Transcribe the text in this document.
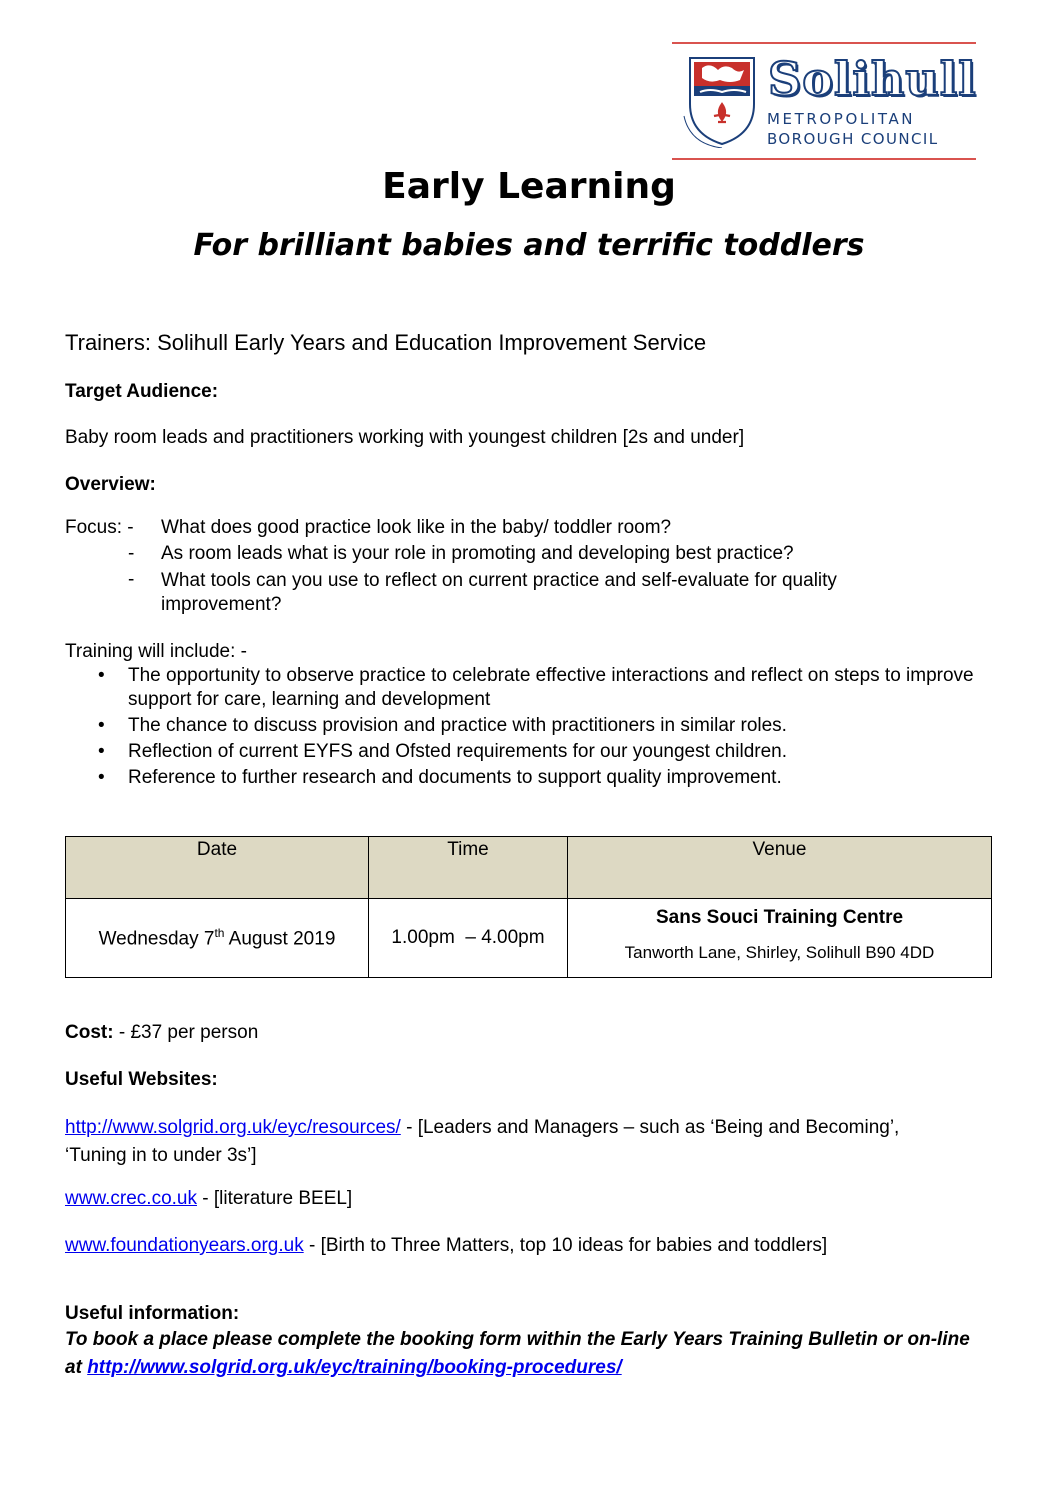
Solihull
METROPOLITAN
BOROUGH COUNCIL
Early Learning
For brilliant babies and terrific toddlers
Trainers: Solihull Early Years and Education Improvement Service
Target Audience:
Baby room leads and practitioners working with youngest children [2s and under]
Overview:
Focus: - What does good practice look like in the baby/ toddler room?
-	As room leads what is your role in promoting and developing best practice?
-	What tools can you use to reflect on current practice and self-evaluate for quality improvement?
Training will include: -
• The opportunity to observe practice to celebrate effective interactions and reflect on steps to improve support for care, learning and development
• The chance to discuss provision and practice with practitioners in similar roles.
• Reflection of current EYFS and Ofsted requirements for our youngest children.
• Reference to further research and documents to support quality improvement.
Date	Time	Venue
Wednesday 7th August 2019	1.00pm  – 4.00pm	Sans Souci Training Centre
Tanworth Lane, Shirley, Solihull B90 4DD
Cost: - £37 per person
Useful Websites:
http://www.solgrid.org.uk/eyc/resources/ - [Leaders and Managers – such as ‘Being and Becoming’, ‘Tuning in to under 3s’]
www.crec.co.uk - [literature BEEL]
www.foundationyears.org.uk - [Birth to Three Matters, top 10 ideas for babies and toddlers]
Useful information:
To book a place please complete the booking form within the Early Years Training Bulletin or on-line at http://www.solgrid.org.uk/eyc/training/booking-procedures/
